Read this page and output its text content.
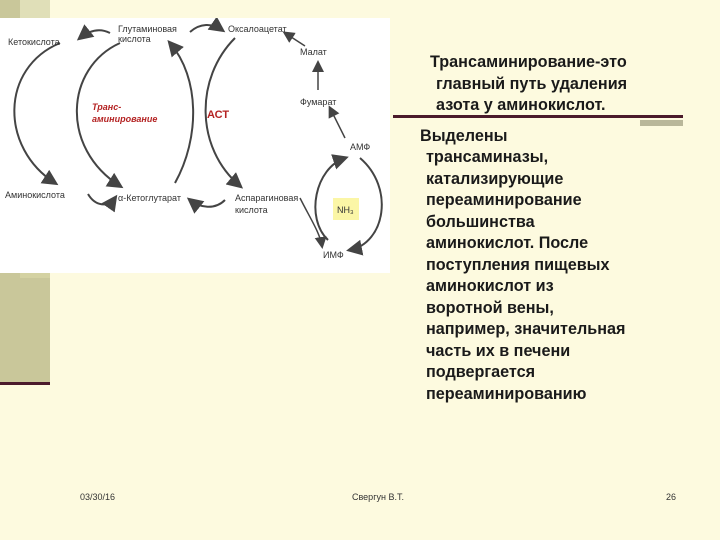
NH₃
Кетокислота
Аминокислота
Глутаминовая
кислота
α-Кетоглутарат
Оксалоацетат
Аспарагиновая
кислота
Малат
Фумарат
АМФ
ИМФ
Транс-
аминирование	АСТ

Трансаминирование-это
главный путь удаления
азота у аминокислот.

Выделены
трансаминазы,
катализирующие
переаминирование
большинства
аминокислот. После
поступления пищевых
аминокислот из
воротной вены,
например, значительная
часть их в печени
подвергается
переаминированию

03/30/16	Свергун В.Т.	26
